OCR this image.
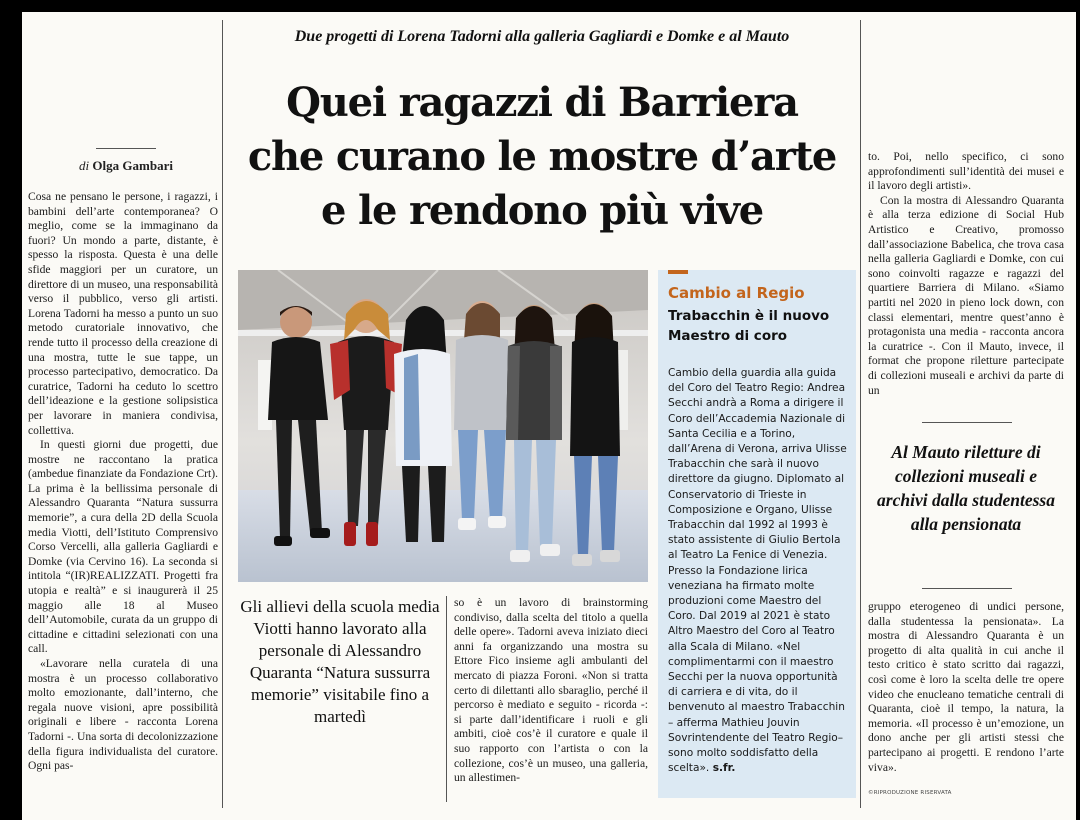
Due progetti di Lorena Tadorni alla galleria Gagliardi e Domke e al Mauto
Quei ragazzi di Barriera
che curano le mostre d’arte
e le rendono più vive
di Olga Gambari

Cosa ne pensano le persone, i ragazzi, i bambini dell’arte contemporanea? O meglio, come se la immaginano da fuori? Un mondo a parte, distante, è spesso la risposta. Questa è una delle sfide maggiori per un curatore, un direttore di un museo, una responsabilità verso il pubblico, verso gli artisti. Lorena Tadorni ha messo a punto un suo metodo curatoriale innovativo, che rende tutto il processo della creazione di una mostra, tutte le sue tappe, un processo partecipativo, democratico. Da curatrice, Tadorni ha ceduto lo scettro dell’ideazione e la gestione solipsistica per lavorare in maniera condivisa, collettiva.

In questi giorni due progetti, due mostre ne raccontano la pratica (ambedue finanziate da Fondazione Crt). La prima è la bellissima personale di Alessandro Quaranta “Natura sussurra memorie”, a cura della 2D della Scuola media Viotti, dell’Istituto Comprensivo Corso Vercelli, alla galleria Gagliardi e Domke (via Cervino 16). La seconda si intitola “(IR)REALIZZATI. Progetti fra utopia e realtà” e si inaugurerà il 25 maggio alle 18 al Museo dell’Automobile, curata da un gruppo di cittadine e cittadini selezionati con una call.

«Lavorare nella curatela di una mostra è un processo collaborativo molto emozionante, dall’interno, che regala nuove visioni, apre possibilità originali e libere - racconta Lorena Tadorni -. Una sorta di decolonizzazione della figura individualista del curatore. Ogni pas-

Gli allievi della scuola media Viotti hanno lavorato alla personale di Alessandro Quaranta “Natura sussurra memorie” visitabile fino a martedì

so è un lavoro di brainstorming condiviso, dalla scelta del titolo a quella delle opere». Tadorni aveva iniziato dieci anni fa organizzando una mostra su Ettore Fico insieme agli ambulanti del mercato di piazza Foroni. «Non si tratta certo di dilettanti allo sbaraglio, perché il percorso è mediato e seguito - ricorda -: si parte dall’identificare i ruoli e gli ambiti, cioè cos’è il curatore e quale il suo rapporto con l’artista o con la collezione, cos’è un museo, una galleria, un allestimen-

Cambio al Regio
Trabacchin è il nuovo Maestro di coro
Cambio della guardia alla guida del Coro del Teatro Regio: Andrea Secchi andrà a Roma a dirigere il Coro dell’Accademia Nazionale di Santa Cecilia e a Torino, dall’Arena di Verona, arriva Ulisse Trabacchin che sarà il nuovo direttore da giugno. Diplomato al Conservatorio di Trieste in Composizione e Organo, Ulisse Trabacchin dal 1992 al 1993 è stato assistente di Giulio Bertola al Teatro La Fenice di Venezia. Presso la Fondazione lirica veneziana ha firmato molte produzioni come Maestro del Coro. Dal 2019 al 2021 è stato Altro Maestro del Coro al Teatro alla Scala di Milano. «Nel complimentarmi con il maestro Secchi per la nuova opportunità di carriera e di vita, do il benvenuto al maestro Trabacchin – afferma Mathieu Jouvin Sovrintendente del Teatro Regio– sono molto soddisfatto della scelta». s.fr.

to. Poi, nello specifico, ci sono approfondimenti sull’identità dei musei e il lavoro degli artisti».

Con la mostra di Alessandro Quaranta è alla terza edizione di Social Hub Artistico e Creativo, promosso dall’associazione Babelica, che trova casa nella galleria Gagliardi e Domke, con cui sono coinvolti ragazze e ragazzi del quartiere Barriera di Milano. «Siamo partiti nel 2020 in pieno lock down, con classi elementari, mentre quest’anno è protagonista una media - racconta ancora la curatrice -. Con il Mauto, invece, il format che propone riletture partecipate di collezioni museali e archivi da parte di un

Al Mauto riletture di collezioni museali e archivi dalla studentessa alla pensionata

gruppo eterogeneo di undici persone, dalla studentessa la pensionata». La mostra di Alessandro Quaranta è un progetto di alta qualità in cui anche il testo critico è stato scritto dai ragazzi, così come è loro la scelta delle tre opere video che enucleano tematiche centrali di Quaranta, cioè il tempo, la natura, la memoria. «Il processo è un’emozione, un dono anche per gli artisti stessi che partecipano ai progetti. E rendono l’arte viva».

©RIPRODUZIONE RISERVATA
